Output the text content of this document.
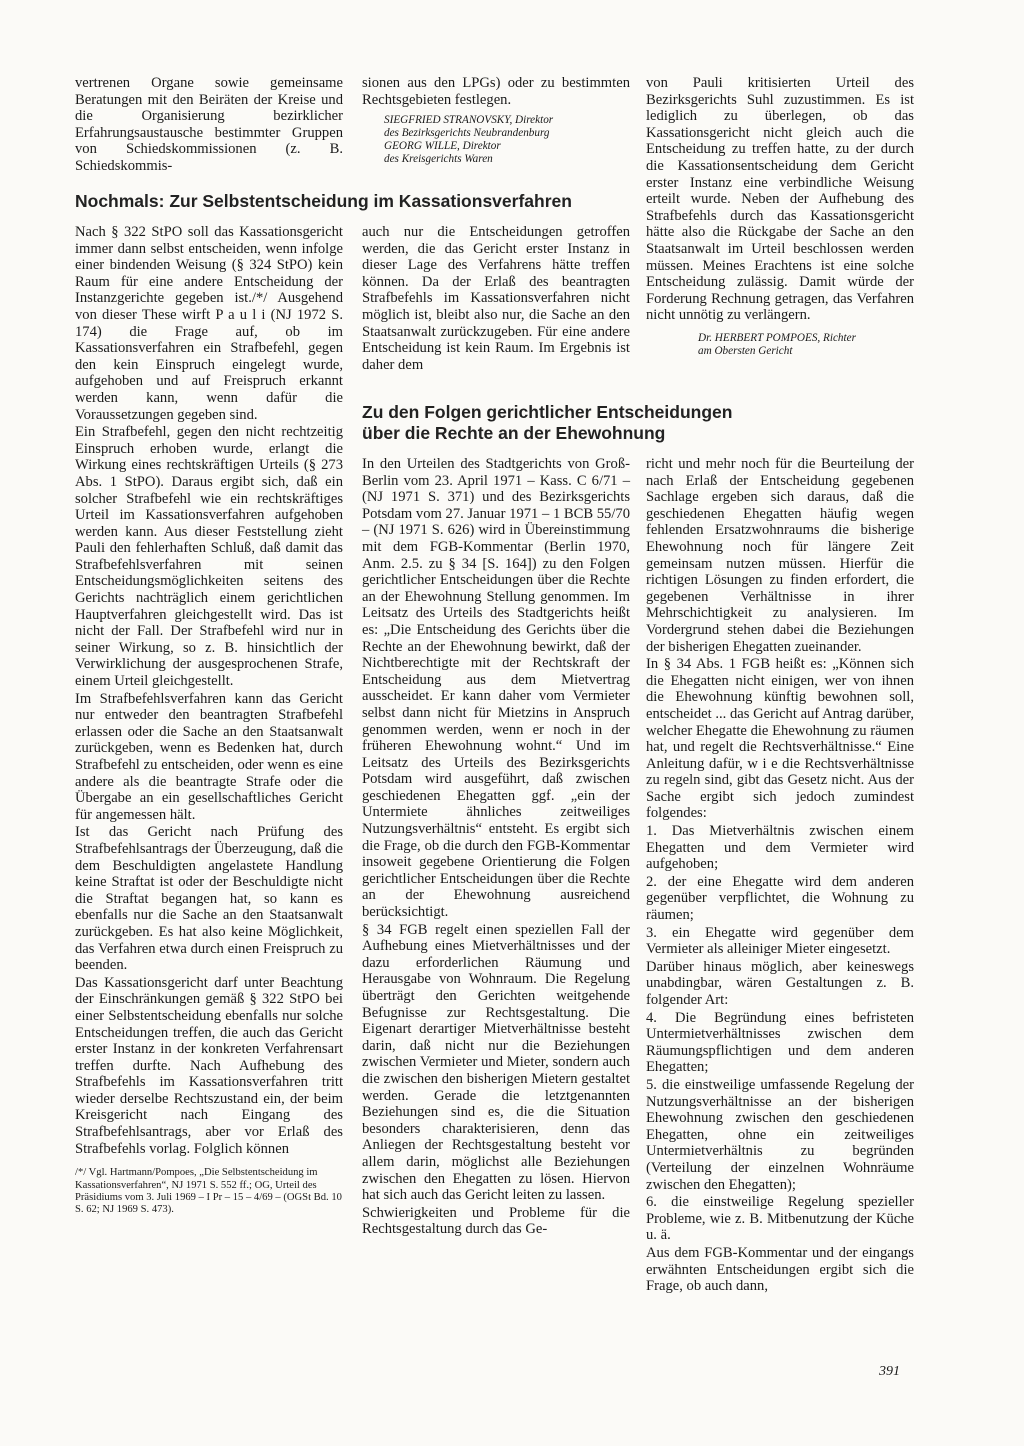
vertrenen Organe sowie gemeinsame Beratungen mit den Beiräten der Kreise und die Organisierung bezirklicher Erfahrungsaustausche bestimmter Gruppen von Schiedskommissionen (z. B. Schiedskommis-

sionen aus den LPGs) oder zu bestimmten Rechtsgebieten festlegen.

SIEGFRIED STRANOVSKY, Direktor
des Bezirksgerichts Neubrandenburg
GEORG WILLE, Direktor
des Kreisgerichts Waren

von Pauli kritisierten Urteil des Bezirksgerichts Suhl zuzustimmen. Es ist lediglich zu überlegen, ob das Kassationsgericht nicht gleich auch die Entscheidung zu treffen hatte, zu der durch die Kassationsentscheidung dem Gericht erster Instanz eine verbindliche Weisung erteilt wurde. Neben der Aufhebung des Strafbefehls durch das Kassationsgericht hätte also die Rückgabe der Sache an den Staatsanwalt im Urteil beschlossen werden müssen. Meines Erachtens ist eine solche Entscheidung zulässig. Damit würde der Forderung Rechnung getragen, das Verfahren nicht unnötig zu verlängern.

Dr. HERBERT POMPOES, Richter
am Obersten Gericht
Nochmals: Zur Selbstentscheidung im Kassationsverfahren

Nach § 322 StPO soll das Kassationsgericht immer dann selbst entscheiden, wenn infolge einer bindenden Weisung (§ 324 StPO) kein Raum für eine andere Entscheidung der Instanzgerichte gegeben ist./*/ Ausgehend von dieser These wirft P a u l i (NJ 1972 S. 174) die Frage auf, ob im Kassationsverfahren ein Strafbefehl, gegen den kein Einspruch eingelegt wurde, aufgehoben und auf Freispruch erkannt werden kann, wenn dafür die Voraussetzungen gegeben sind.

Ein Strafbefehl, gegen den nicht rechtzeitig Einspruch erhoben wurde, erlangt die Wirkung eines rechtskräftigen Urteils (§ 273 Abs. 1 StPO). Daraus ergibt sich, daß ein solcher Strafbefehl wie ein rechtskräftiges Urteil im Kassationsverfahren aufgehoben werden kann. Aus dieser Feststellung zieht Pauli den fehlerhaften Schluß, daß damit das Strafbefehlsverfahren mit seinen Entscheidungsmöglichkeiten seitens des Gerichts nachträglich einem gerichtlichen Hauptverfahren gleichgestellt wird. Das ist nicht der Fall. Der Strafbefehl wird nur in seiner Wirkung, so z. B. hinsichtlich der Verwirklichung der ausgesprochenen Strafe, einem Urteil gleichgestellt.

Im Strafbefehlsverfahren kann das Gericht nur entweder den beantragten Strafbefehl erlassen oder die Sache an den Staatsanwalt zurückgeben, wenn es Bedenken hat, durch Strafbefehl zu entscheiden, oder wenn es eine andere als die beantragte Strafe oder die Übergabe an ein gesellschaftliches Gericht für angemessen hält.

Ist das Gericht nach Prüfung des Strafbefehlsantrags der Überzeugung, daß die dem Beschuldigten angelastete Handlung keine Straftat ist oder der Beschuldigte nicht die Straftat begangen hat, so kann es ebenfalls nur die Sache an den Staatsanwalt zurückgeben. Es hat also keine Möglichkeit, das Verfahren etwa durch einen Freispruch zu beenden.

Das Kassationsgericht darf unter Beachtung der Einschränkungen gemäß § 322 StPO bei einer Selbstentscheidung ebenfalls nur solche Entscheidungen treffen, die auch das Gericht erster Instanz in der konkreten Verfahrensart treffen durfte. Nach Aufhebung des Strafbefehls im Kassationsverfahren tritt wieder derselbe Rechtszustand ein, der beim Kreisgericht nach Eingang des Strafbefehlsantrags, aber vor Erlaß des Strafbefehls vorlag. Folglich können

/*/ Vgl. Hartmann/Pompoes, „Die Selbstentscheidung im Kassationsverfahren“, NJ 1971 S. 552 ff.; OG, Urteil des Präsidiums vom 3. Juli 1969 – I Pr – 15 – 4/69 – (OGSt Bd. 10 S. 62; NJ 1969 S. 473).

auch nur die Entscheidungen getroffen werden, die das Gericht erster Instanz in dieser Lage des Verfahrens hätte treffen können. Da der Erlaß des beantragten Strafbefehls im Kassationsverfahren nicht möglich ist, bleibt also nur, die Sache an den Staatsanwalt zurückzugeben. Für eine andere Entscheidung ist kein Raum. Im Ergebnis ist daher dem

Zu den Folgen gerichtlicher Entscheidungen
über die Rechte an der Ehewohnung

In den Urteilen des Stadtgerichts von Groß-Berlin vom 23. April 1971 – Kass. C 6/71 – (NJ 1971 S. 371) und des Bezirksgerichts Potsdam vom 27. Januar 1971 – 1 BCB 55/70 – (NJ 1971 S. 626) wird in Übereinstimmung mit dem FGB-Kommentar (Berlin 1970, Anm. 2.5. zu § 34 [S. 164]) zu den Folgen gerichtlicher Entscheidungen über die Rechte an der Ehewohnung Stellung genommen. Im Leitsatz des Urteils des Stadtgerichts heißt es: „Die Entscheidung des Gerichts über die Rechte an der Ehewohnung bewirkt, daß der Nichtberechtigte mit der Rechtskraft der Entscheidung aus dem Mietvertrag ausscheidet. Er kann daher vom Vermieter selbst dann nicht für Mietzins in Anspruch genommen werden, wenn er noch in der früheren Ehewohnung wohnt.“ Und im Leitsatz des Urteils des Bezirksgerichts Potsdam wird ausgeführt, daß zwischen geschiedenen Ehegatten ggf. „ein der Untermiete ähnliches zeitweiliges Nutzungsverhältnis“ entsteht. Es ergibt sich die Frage, ob die durch den FGB-Kommentar insoweit gegebene Orientierung die Folgen gerichtlicher Entscheidungen über die Rechte an der Ehewohnung ausreichend berücksichtigt.

§ 34 FGB regelt einen speziellen Fall der Aufhebung eines Mietverhältnisses und der dazu erforderlichen Räumung und Herausgabe von Wohnraum. Die Regelung überträgt den Gerichten weitgehende Befugnisse zur Rechtsgestaltung. Die Eigenart derartiger Mietverhältnisse besteht darin, daß nicht nur die Beziehungen zwischen Vermieter und Mieter, sondern auch die zwischen den bisherigen Mietern gestaltet werden. Gerade die letztgenannten Beziehungen sind es, die die Situation besonders charakterisieren, denn das Anliegen der Rechtsgestaltung besteht vor allem darin, möglichst alle Beziehungen zwischen den Ehegatten zu lösen. Hiervon hat sich auch das Gericht leiten zu lassen.

Schwierigkeiten und Probleme für die Rechtsgestaltung durch das Ge-

richt und mehr noch für die Beurteilung der nach Erlaß der Entscheidung gegebenen Sachlage ergeben sich daraus, daß die geschiedenen Ehegatten häufig wegen fehlenden Ersatzwohnraums die bisherige Ehewohnung noch für längere Zeit gemeinsam nutzen müssen. Hierfür die richtigen Lösungen zu finden erfordert, die gegebenen Verhältnisse in ihrer Mehrschichtigkeit zu analysieren. Im Vordergrund stehen dabei die Beziehungen der bisherigen Ehegatten zueinander.

In § 34 Abs. 1 FGB heißt es: „Können sich die Ehegatten nicht einigen, wer von ihnen die Ehewohnung künftig bewohnen soll, entscheidet ... das Gericht auf Antrag darüber, welcher Ehegatte die Ehewohnung zu räumen hat, und regelt die Rechtsverhältnisse.“ Eine Anleitung dafür, w i e die Rechtsverhältnisse zu regeln sind, gibt das Gesetz nicht. Aus der Sache ergibt sich jedoch zumindest folgendes:

1. Das Mietverhältnis zwischen einem Ehegatten und dem Vermieter wird aufgehoben;

2. der eine Ehegatte wird dem anderen gegenüber verpflichtet, die Wohnung zu räumen;

3. ein Ehegatte wird gegenüber dem Vermieter als alleiniger Mieter eingesetzt.

Darüber hinaus möglich, aber keineswegs unabdingbar, wären Gestaltungen z. B. folgender Art:

4. Die Begründung eines befristeten Untermietverhältnisses zwischen dem Räumungspflichtigen und dem anderen Ehegatten;

5. die einstweilige umfassende Regelung der Nutzungsverhältnisse an der bisherigen Ehewohnung zwischen den geschiedenen Ehegatten, ohne ein zeitweiliges Untermietverhältnis zu begründen (Verteilung der einzelnen Wohnräume zwischen den Ehegatten);

6. die einstweilige Regelung spezieller Probleme, wie z. B. Mitbenutzung der Küche u. ä.

Aus dem FGB-Kommentar und der eingangs erwähnten Entscheidungen ergibt sich die Frage, ob auch dann,

391
